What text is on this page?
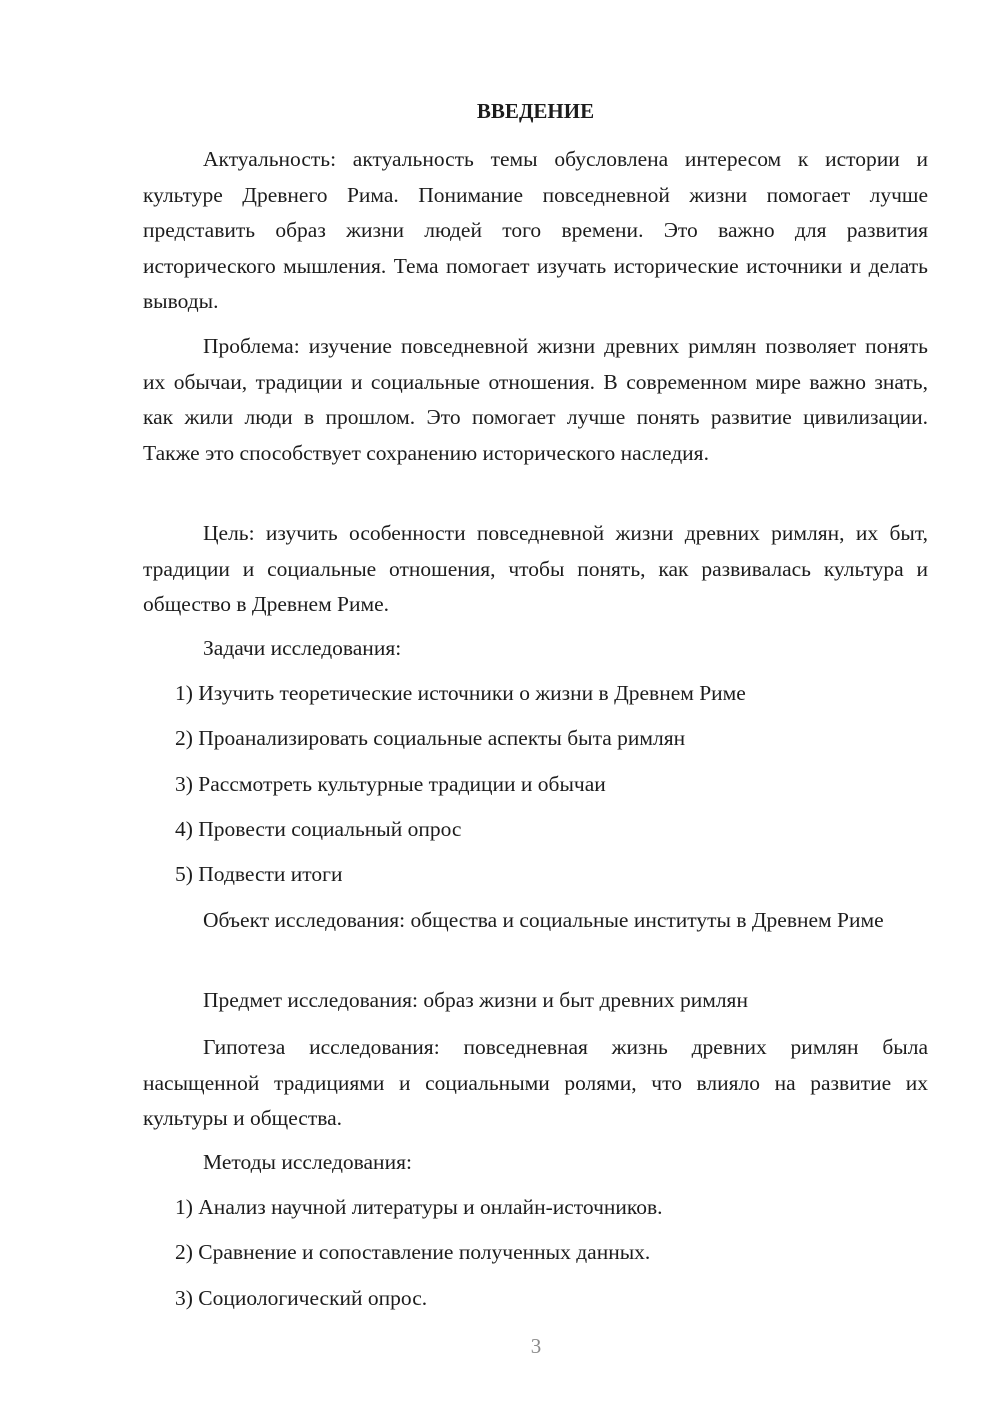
ВВЕДЕНИЕ

Актуальность: актуальность темы обусловлена интересом к истории и культуре Древнего Рима. Понимание повседневной жизни помогает лучше представить образ жизни людей того времени. Это важно для развития исторического мышления. Тема помогает изучать исторические источники и делать выводы.

Проблема: изучение повседневной жизни древних римлян позволяет понять их обычаи, традиции и социальные отношения. В современном мире важно знать, как жили люди в прошлом. Это помогает лучше понять развитие цивилизации. Также это способствует сохранению исторического наследия.

Цель: изучить особенности повседневной жизни древних римлян, их быт, традиции и социальные отношения, чтобы понять, как развивалась культура и общество в Древнем Риме.

Задачи исследования:

1) Изучить теоретические источники о жизни в Древнем Риме

2) Проанализировать социальные аспекты быта римлян

3) Рассмотреть культурные традиции и обычаи

4) Провести социальный опрос

5) Подвести итоги

Объект исследования: общества и социальные институты в Древнем Риме

Предмет исследования: образ жизни и быт древних римлян

Гипотеза исследования: повседневная жизнь древних римлян была насыщенной традициями и социальными ролями, что влияло на развитие их культуры и общества.

Методы исследования:

1) Анализ научной литературы и онлайн-источников.

2) Сравнение и сопоставление полученных данных.

3) Социологический опрос.

3
